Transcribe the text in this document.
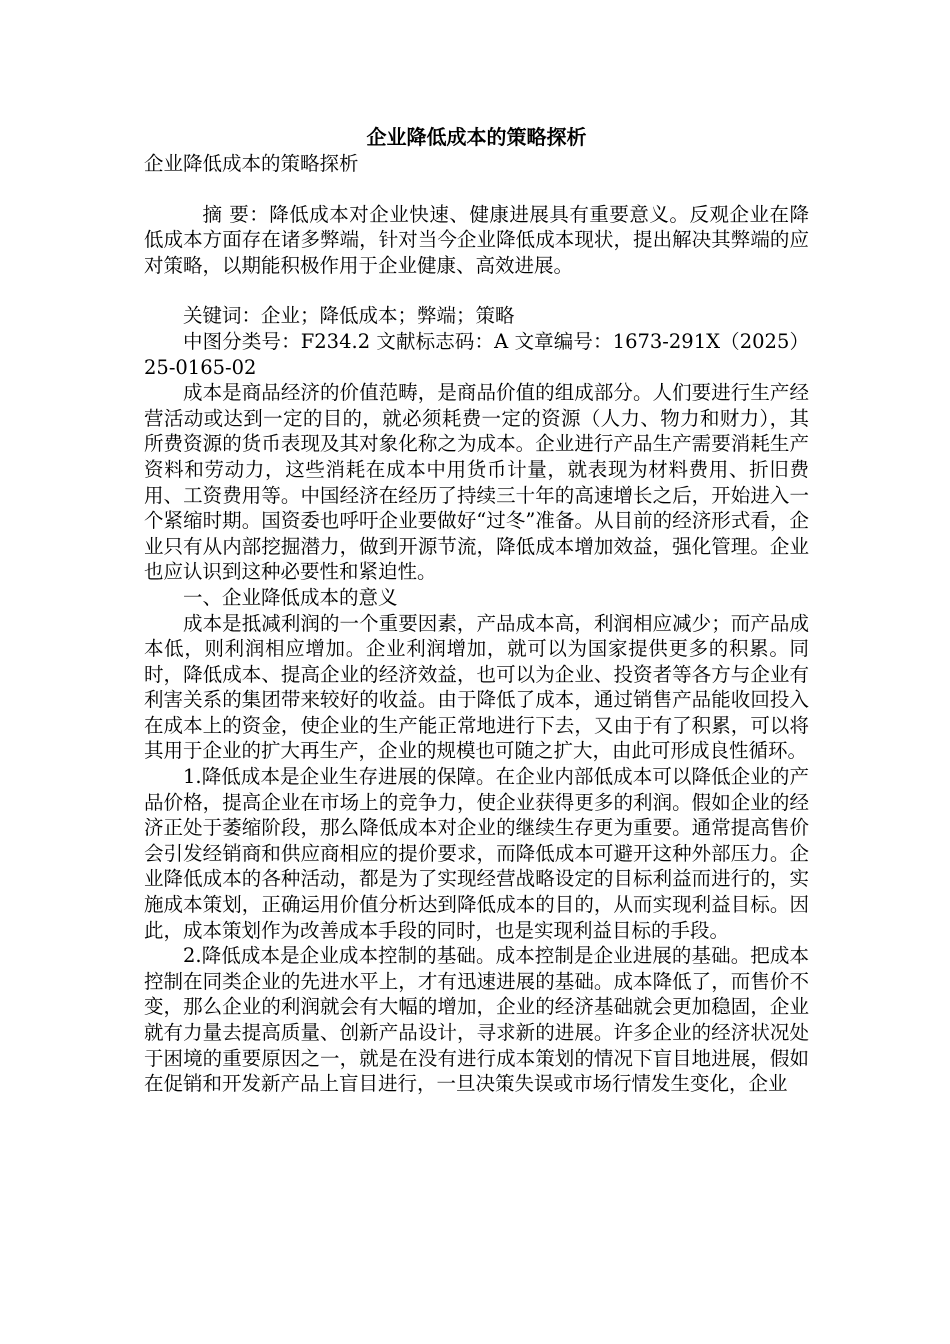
企业降低成本的策略探析
企业降低成本的策略探析
摘 要：降低成本对企业快速、健康进展具有重要意义。反观企业在降低成本方面存在诸多弊端，针对当今企业降低成本现状，提出解决其弊端的应对策略，以期能积极作用于企业健康、高效进展。
关键词：企业；降低成本；弊端；策略
中图分类号：F234.2 文献标志码：A 文章编号：1673-291X（2025）25-0165-02
成本是商品经济的价值范畴，是商品价值的组成部分。人们要进行生产经营活动或达到一定的目的，就必须耗费一定的资源（人力、物力和财力），其所费资源的货币表现及其对象化称之为成本。企业进行产品生产需要消耗生产资料和劳动力，这些消耗在成本中用货币计量，就表现为材料费用、折旧费用、工资费用等。中国经济在经历了持续三十年的高速增长之后，开始进入一个紧缩时期。国资委也呼吁企业要做好“过冬”准备。从目前的经济形式看，企业只有从内部挖掘潜力，做到开源节流，降低成本增加效益，强化管理。企业也应认识到这种必要性和紧迫性。
一、企业降低成本的意义
成本是抵减利润的一个重要因素，产品成本高，利润相应减少；而产品成本低，则利润相应增加。企业利润增加，就可以为国家提供更多的积累。同时，降低成本、提高企业的经济效益，也可以为企业、投资者等各方与企业有利害关系的集团带来较好的收益。由于降低了成本，通过销售产品能收回投入在成本上的资金，使企业的生产能正常地进行下去，又由于有了积累，可以将其用于企业的扩大再生产，企业的规模也可随之扩大，由此可形成良性循环。
1.降低成本是企业生存进展的保障。在企业内部低成本可以降低企业的产品价格，提高企业在市场上的竞争力，使企业获得更多的利润。假如企业的经济正处于萎缩阶段，那么降低成本对企业的继续生存更为重要。通常提高售价会引发经销商和供应商相应的提价要求，而降低成本可避开这种外部压力。企业降低成本的各种活动，都是为了实现经营战略设定的目标利益而进行的，实施成本策划，正确运用价值分析达到降低成本的目的，从而实现利益目标。因此，成本策划作为改善成本手段的同时，也是实现利益目标的手段。
2.降低成本是企业成本控制的基础。成本控制是企业进展的基础。把成本控制在同类企业的先进水平上，才有迅速进展的基础。成本降低了，而售价不变，那么企业的利润就会有大幅的增加，企业的经济基础就会更加稳固，企业就有力量去提高质量、创新产品设计，寻求新的进展。许多企业的经济状况处于困境的重要原因之一，就是在没有进行成本策划的情况下盲目地进展，假如在促销和开发新产品上盲目进行，一旦决策失误或市场行情发生变化，企业
